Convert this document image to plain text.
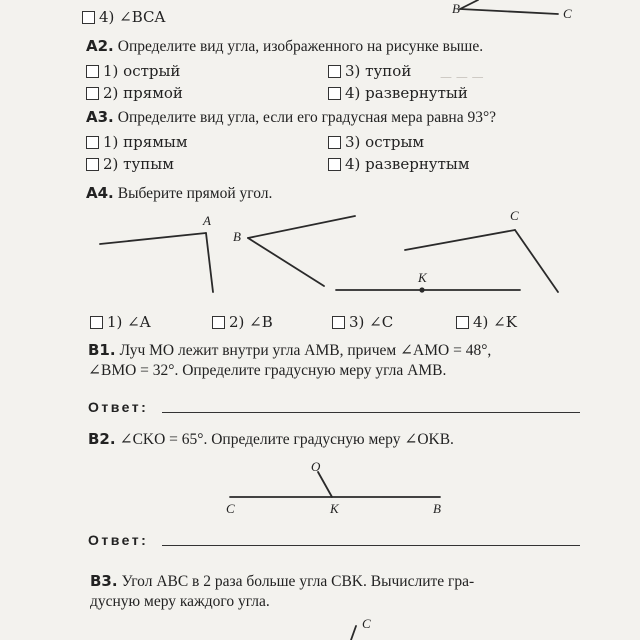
— — —
4) ∠BCA	B	C
А2. Определите вид угла, изображенного на рисунке выше.
1) острый	3) тупой
2) прямой	4) развернутый
А3. Определите вид угла, если его градусная мера равна 93°?
1) прямым	3) острым
2) тупым	4) развернутым
А4. Выберите прямой угол.
A
B
C
K
1) ∠A	2) ∠B	3) ∠C	4) ∠K
В1. Луч MO лежит внутри угла AMB, причем ∠AMO = 48°,
∠BMO = 32°. Определите градусную меру угла AMB.
Ответ:
В2. ∠CKO = 65°. Определите градусную меру ∠OKB.
O
C	K	B
Ответ:
В3. Угол ABC в 2 раза больше угла CBK. Вычислите гра-
дусную меру каждого угла.
C
